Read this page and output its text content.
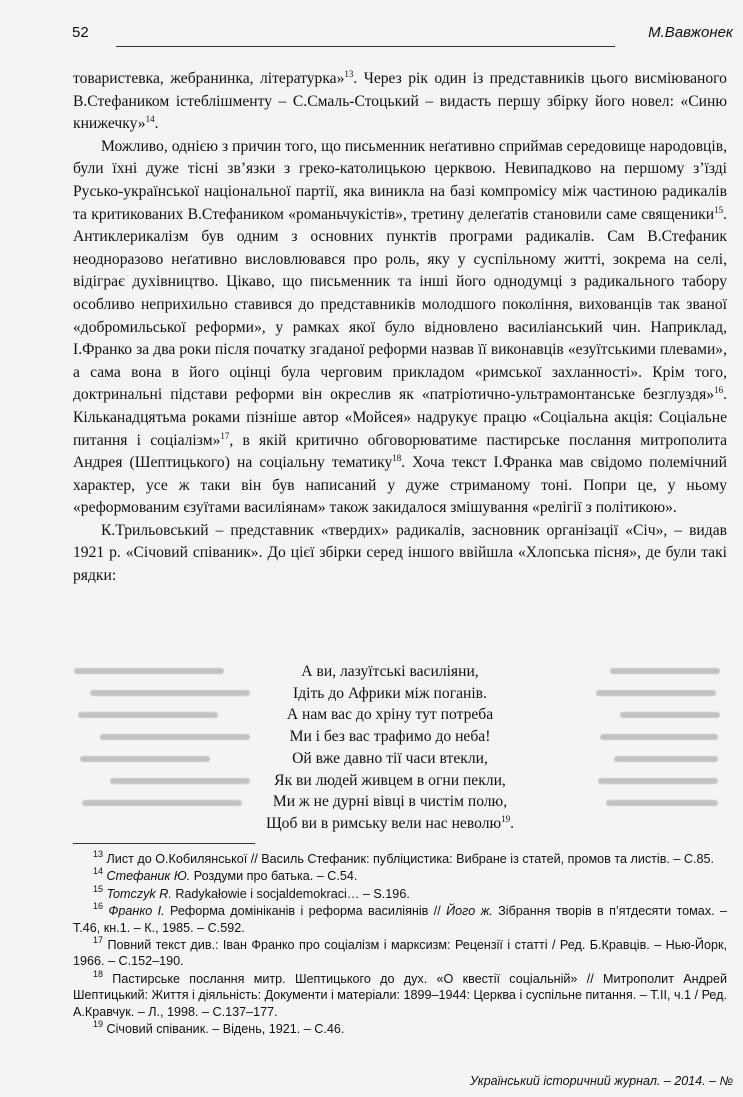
52	М.Вавжонек

товаристевка, жебранинка, літературка»$^{13}$. Через рік один із представників цього висміюваного В.Стефаником істеблішменту – С.Смаль-Стоцький – видасть першу збірку його новел: «Синю книжечку»$^{14}$.

Можливо, однією з причин того, що письменник неґативно сприймав середовище народовців, були їхні дуже тісні зв’язки з греко-католицькою церквою. Невипадково на першому з’їзді Русько-української національної партії, яка виникла на базі компромісу між частиною радикалів та критикованих В.Стефаником «романьчукістів», третину делеґатів становили саме священики$^{15}$. Антиклерикалізм був одним з основних пунктів програми радикалів. Сам В.Стефаник неодноразово неґативно висловлювався про роль, яку у суспільному житті, зокрема на селі, відіграє духівництво. Цікаво, що письменник та інші його однодумці з радикального табору особливо неприхильно ставився до представників молодшого покоління, вихованців так званої «добромильської реформи», у рамках якої було відновлено василіанський чин. Наприклад, І.Франко за два роки після початку згаданої реформи назвав її виконавців «езуїтськими плевами», а сама вона в його оцінці була черговим прикладом «римської захланності». Крім того, доктринальні підстави реформи він окреслив як «патріотично-ультрамонтанське безглуздя»$^{16}$. Кільканадцятьма роками пізніше автор «Мойсея» надрукує працю «Соціальна акція: Соціальне питання і соціалізм»$^{17}$, в якій критично обговорюватиме пастирське послання митрополита Андрея (Шептицького) на соціальну тематику$^{18}$. Хоча текст І.Франка мав свідомо полемічний характер, усе ж таки він був написаний у дуже стриманому тоні. Попри це, у ньому «реформованим єзуїтами василіянам» також закидалося змішування «релігії з політикою».

К.Трильовський – представник «твердих» радикалів, засновник організації «Січ», – видав 1921 р. «Січовий співаник». До цієї збірки серед іншого ввійшла «Хлопська пісня», де були такі рядки:

А ви, лазуїтські василіяни,
Ідіть до Африки між поганів.
А нам вас до хріну тут потреба
Ми і без вас трафимо до неба!
Ой вже давно тії часи втекли,
Як ви людей живцем в огни пекли,
Ми ж не дурні вівці в чистім полю,
Щоб ви в римську вели нас неволю$^{19}$.

$^{13}$ Лист до О.Кобилянської // Василь Стефаник: публіцистика: Вибране із статей, промов та листів. – С.85.

$^{14}$ Стефаник Ю. Роздуми про батька. – С.54.

$^{15}$ Tomczyk R. Radykałowie i socjaldemokraci… – S.196.

$^{16}$ Франко І. Реформа домініканів і реформа василіянів // Його ж. Зібрання творів в п’ятдесяти томах. – Т.46, кн.1. – К., 1985. – С.592.

$^{17}$ Повний текст див.: Іван Франко про соціалізм і марксизм: Рецензії і статті / Ред. Б.Кравців. – Нью-Йорк, 1966. – С.152–190.

$^{18}$ Пастирське послання митр. Шептицького до дух. «О квестії соціальній» // Митрополит Андрей Шептицький: Життя і діяльність: Документи і матеріали: 1899–1944: Церква і суспільне питання. – Т.II, ч.1 / Ред. А.Кравчук. – Л., 1998. – С.137–177.

$^{19}$ Січовий співаник. – Відень, 1921. – С.46.

Український історичний журнал. – 2014. – №
